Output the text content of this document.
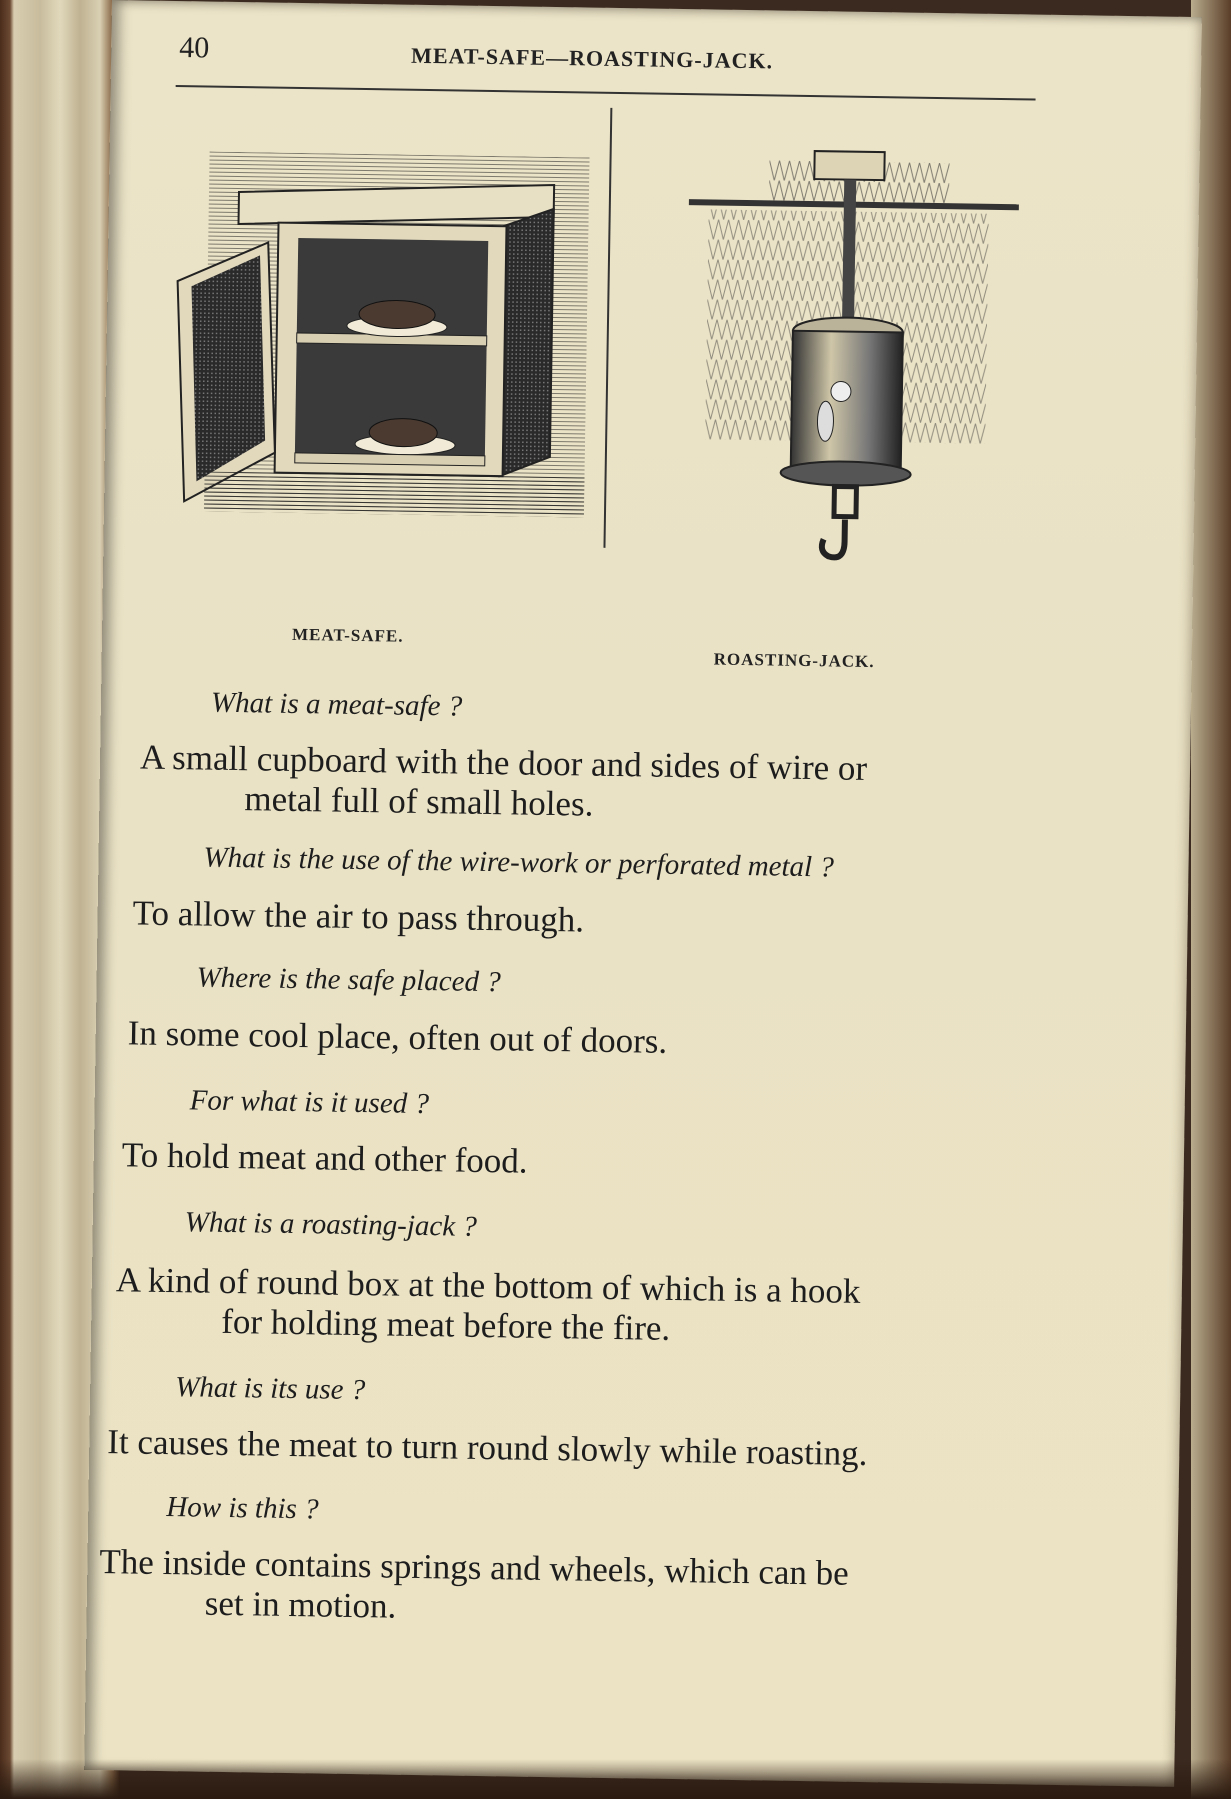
40	MEAT-SAFE—ROASTING-JACK.
MEAT-SAFE.
ROASTING-JACK.
What is a meat-safe ?
A small cupboard with the door and sides of wire or
metal full of small holes.
What is the use of the wire-work or perforated metal ?
To allow the air to pass through.
Where is the safe placed ?
In some cool place, often out of doors.
For what is it used ?
To hold meat and other food.
What is a roasting-jack ?
A kind of round box at the bottom of which is a hook
for holding meat before the fire.
What is its use ?
It causes the meat to turn round slowly while roasting.
How is this ?
The inside contains springs and wheels, which can be
set in motion.
